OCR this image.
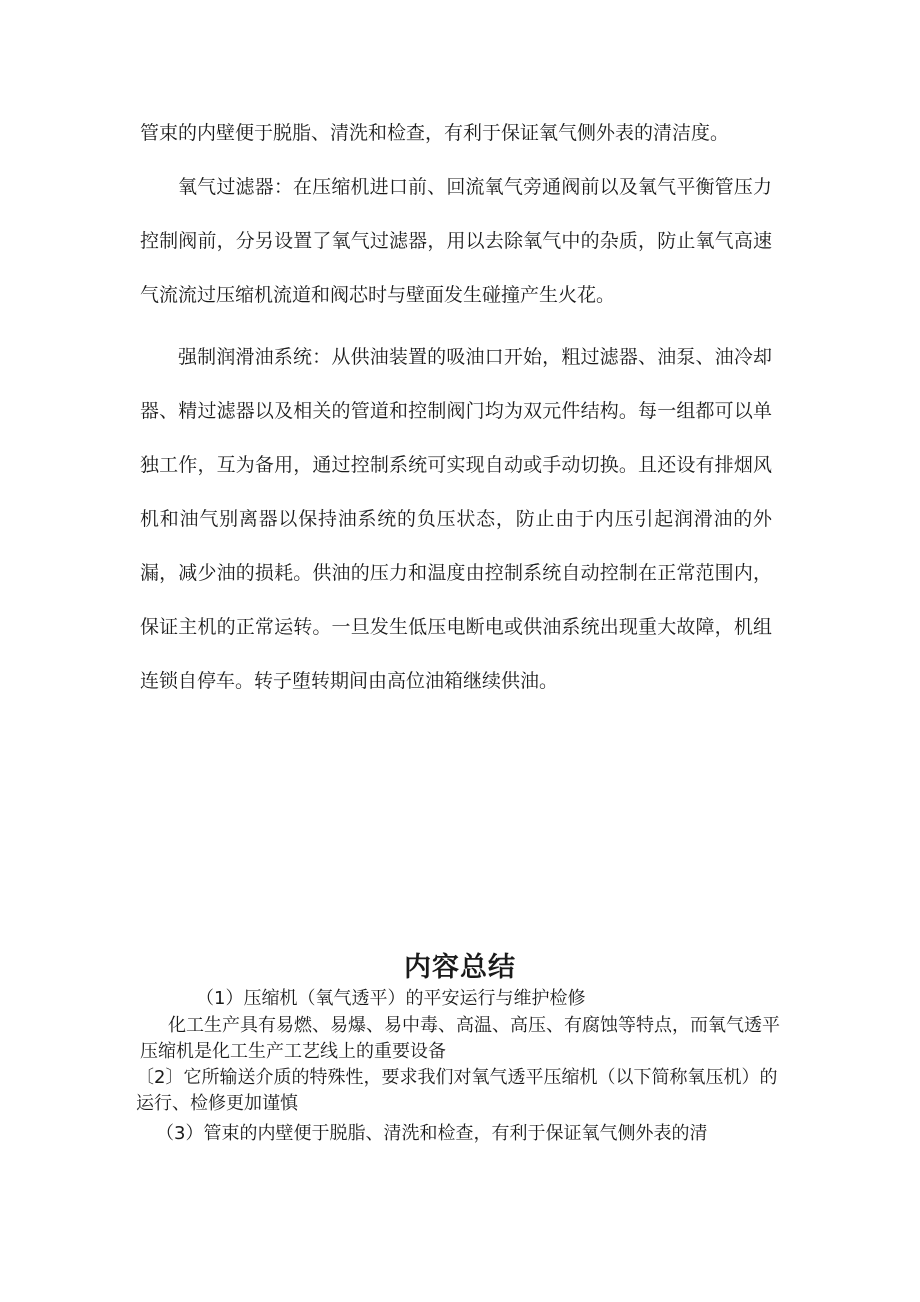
管束的内壁便于脱脂、清洗和检查，有利于保证氧气侧外表的清洁度。

氧气过滤器：在压缩机进口前、回流氧气旁通阀前以及氧气平衡管压力控制阀前，分另设置了氧气过滤器，用以去除氧气中的杂质，防止氧气高速气流流过压缩机流道和阀芯时与壁面发生碰撞产生火花。

强制润滑油系统：从供油装置的吸油口开始，粗过滤器、油泵、油冷却器、精过滤器以及相关的管道和控制阀门均为双元件结构。每一组都可以单独工作，互为备用，通过控制系统可实现自动或手动切换。且还设有排烟风机和油气别离器以保持油系统的负压状态，防止由于内压引起润滑油的外漏，减少油的损耗。供油的压力和温度由控制系统自动控制在正常范围内，保证主机的正常运转。一旦发生低压电断电或供油系统出现重大故障，机组连锁自停车。转子堕转期间由高位油箱继续供油。

内容总结

（1）压缩机（氧气透平）的平安运行与维护检修

化工生产具有易燃、易爆、易中毒、高温、高压、有腐蚀等特点，而氧气透平压缩机是化工生产工艺线上的重要设备

〔2〕它所输送介质的特殊性，要求我们对氧气透平压缩机（以下简称氧压机）的运行、检修更加谨慎

（3）管束的内壁便于脱脂、清洗和检查，有利于保证氧气侧外表的清
